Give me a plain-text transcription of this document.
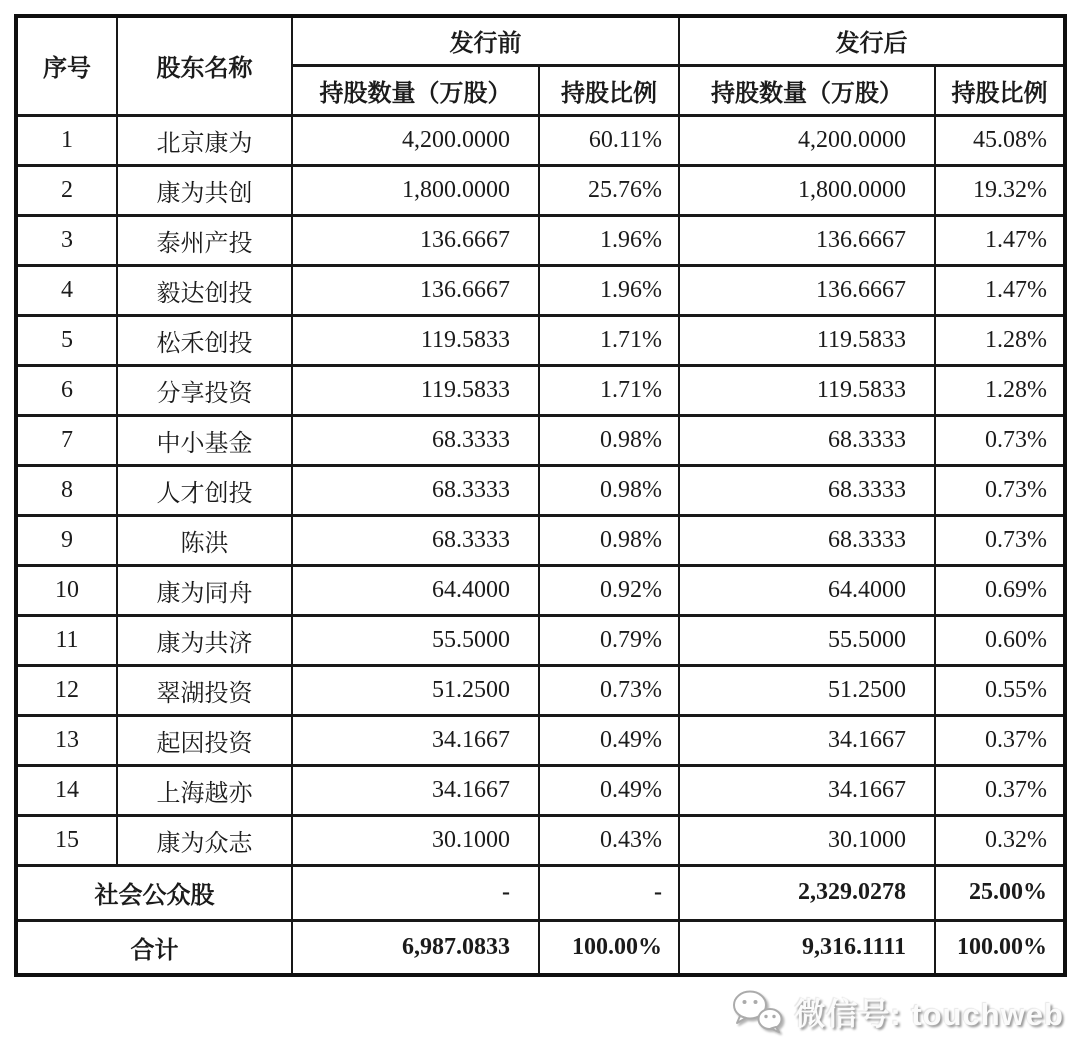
序号	股东名称	发行前		发行后	
		持股数量（万股）	持股比例	持股数量（万股）	持股比例
1	北京康为	4,200.0000	60.11%	4,200.0000	45.08%
2	康为共创	1,800.0000	25.76%	1,800.0000	19.32%
3	泰州产投	136.6667	1.96%	136.6667	1.47%
4	毅达创投	136.6667	1.96%	136.6667	1.47%
5	松禾创投	119.5833	1.71%	119.5833	1.28%
6	分享投资	119.5833	1.71%	119.5833	1.28%
7	中小基金	68.3333	0.98%	68.3333	0.73%
8	人才创投	68.3333	0.98%	68.3333	0.73%
9	陈洪	68.3333	0.98%	68.3333	0.73%
10	康为同舟	64.4000	0.92%	64.4000	0.69%
11	康为共济	55.5000	0.79%	55.5000	0.60%
12	翠湖投资	51.2500	0.73%	51.2500	0.55%
13	起因投资	34.1667	0.49%	34.1667	0.37%
14	上海越亦	34.1667	0.49%	34.1667	0.37%
15	康为众志	30.1000	0.43%	30.1000	0.32%
社会公众股		-	-	2,329.0278	25.00%
合计		6,987.0833	100.00%	9,316.1111	100.00%
微信号: touchweb
